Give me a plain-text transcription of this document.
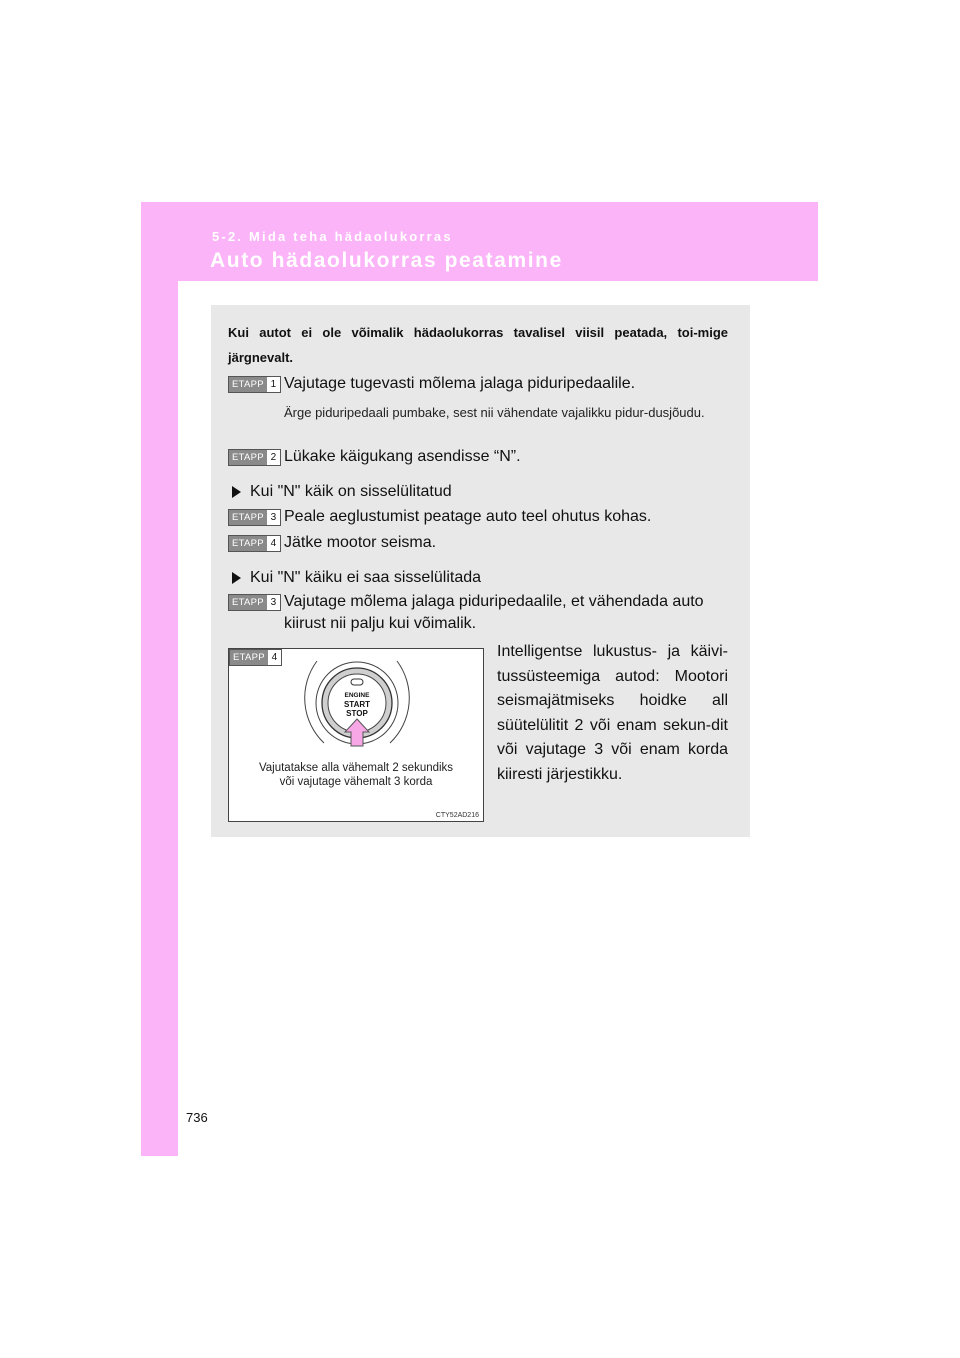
5-2. Mida teha hädaolukorras
Auto hädaolukorras peatamine
Kui autot ei ole võimalik hädaolukorras tavalisel viisil peatada, toi-mige järgnevalt.
ETAPP 1 Vajutage tugevasti mõlema jalaga piduripedaalile.
Ärge piduripedaali pumbake, sest nii vähendate vajalikku pidur-dusjõudu.
ETAPP 2 Lükake käigukang asendisse “N”.
Kui "N" käik on sisselülitatud
ETAPP 3 Peale aeglustumist peatage auto teel ohutus kohas.
ETAPP 4 Jätke mootor seisma.
Kui "N" käiku ei saa sisselülitada
ETAPP 3 Vajutage mõlema jalaga piduripedaalile, et vähendada auto
kiirust nii palju kui võimalik.
ETAPP 4
ENGINE
START
STOP
Vajutatakse alla vähemalt 2 sekundiks
või vajutage vähemalt 3 korda
CTY52AD216
Intelligentse lukustus- ja käivi-tussüsteemiga autod: Mootori seismajätmiseks hoidke all süütelülitit 2 või enam sekun-dit või vajutage 3 või enam korda kiiresti järjestikku.
736
